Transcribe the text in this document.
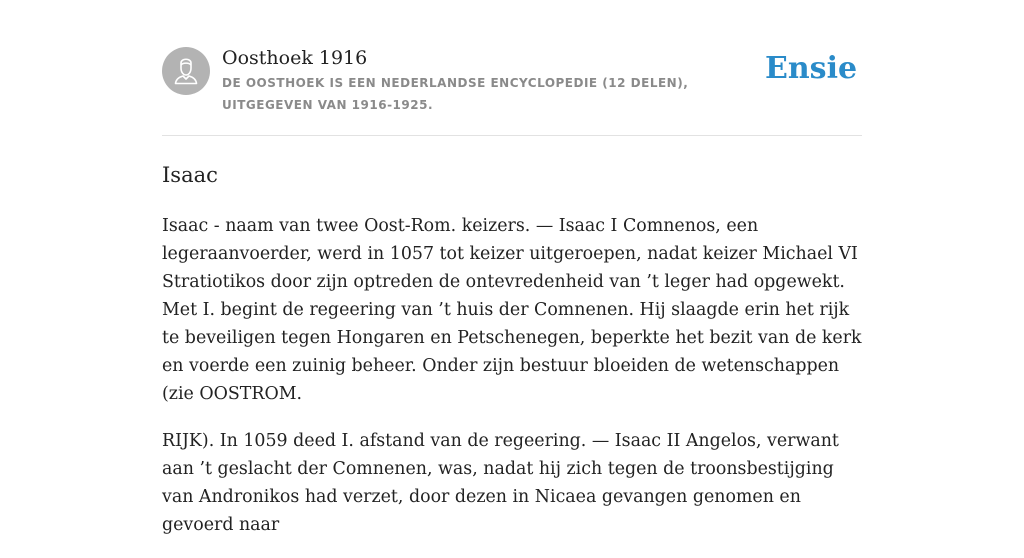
Oosthoek 1916
DE OOSTHOEK IS EEN NEDERLANDSE ENCYCLOPEDIE (12 DELEN), UITGEGEVEN VAN 1916-1925.
Ensie
Isaac

Isaac - naam van twee Oost-Rom. keizers. — Isaac I Comnenos, een legeraanvoerder, werd in 1057 tot keizer uitgeroepen, nadat keizer Michael VI Stratiotikos door zijn optreden de ontevredenheid van ’t leger had opgewekt. Met I. begint de regeering van ’t huis der Comnenen. Hij slaagde erin het rijk te beveiligen tegen Hongaren en Petschenegen, beperkte het bezit van de kerk en voerde een zuinig beheer. Onder zijn bestuur bloeiden de wetenschappen (zie OOSTROM.

RIJK). In 1059 deed I. afstand van de regeering. — Isaac II Angelos, verwant aan ’t geslacht der Comnenen, was, nadat hij zich tegen de troonsbestijging van Andronikos had verzet, door dezen in Nicaea gevangen genomen en gevoerd naar
